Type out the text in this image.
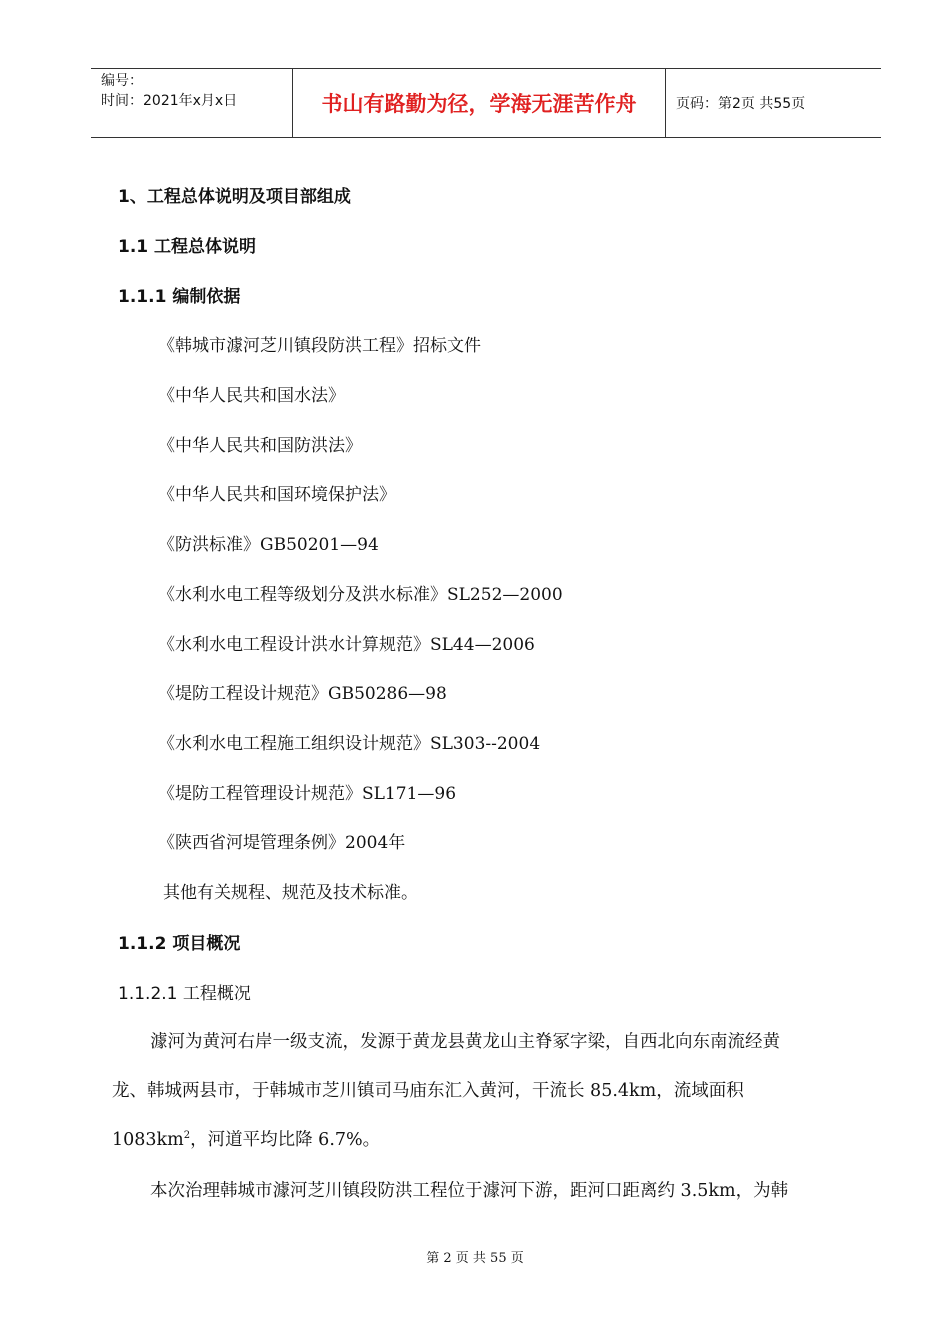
编号：
时间：2021年x月x日	书山有路勤为径，学海无涯苦作舟	页码：第2页 共55页
1、工程总体说明及项目部组成
1.1 工程总体说明
1.1.1 编制依据
《韩城市澽河芝川镇段防洪工程》招标文件
《中华人民共和国水法》
《中华人民共和国防洪法》
《中华人民共和国环境保护法》
《防洪标准》GB50201—94
《水利水电工程等级划分及洪水标准》SL252—2000
《水利水电工程设计洪水计算规范》SL44—2006
《堤防工程设计规范》GB50286—98
《水利水电工程施工组织设计规范》SL303--2004
《堤防工程管理设计规范》SL171—96
《陕西省河堤管理条例》2004年
其他有关规程、规范及技术标准。
1.1.2 项目概况
1.1.2.1 工程概况
澽河为黄河右岸一级支流，发源于黄龙县黄龙山主脊冢字梁，自西北向东南流经黄
龙、韩城两县市，于韩城市芝川镇司马庙东汇入黄河，干流长 85.4km，流域面积
$1083km^2$，河道平均比降 6.7%。
本次治理韩城市澽河芝川镇段防洪工程位于澽河下游，距河口距离约 3.5km，为韩
第 2 页 共 55 页
